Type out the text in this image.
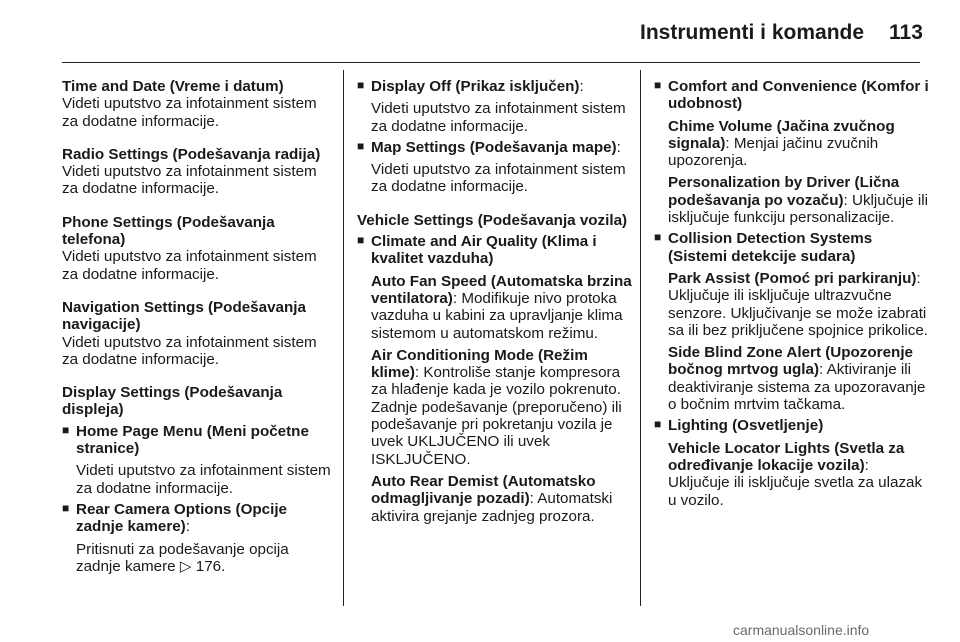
Instrumenti i komande 113
Time and Date (Vreme i datum)
Videti uputstvo za infotainment sistem za dodatne informacije.
Radio Settings (Podešavanja radija)
Videti uputstvo za infotainment sistem za dodatne informacije.
Phone Settings (Podešavanja telefona)
Videti uputstvo za infotainment sistem za dodatne informacije.
Navigation Settings (Podešavanja navigacije)
Videti uputstvo za infotainment sistem za dodatne informacije.
Display Settings (Podešavanja displeja)
■ Home Page Menu (Meni početne stranice)
Videti uputstvo za infotainment sistem za dodatne informacije.
■ Rear Camera Options (Opcije zadnje kamere):
Pritisnuti za podešavanje opcija zadnje kamere ▷ 176.
■ Display Off (Prikaz isključen):
Videti uputstvo za infotainment sistem za dodatne informacije.
■ Map Settings (Podešavanja mape):
Videti uputstvo za infotainment sistem za dodatne informacije.
Vehicle Settings (Podešavanja vozila)
■ Climate and Air Quality (Klima i kvalitet vazduha)
Auto Fan Speed (Automatska brzina ventilatora): Modifikuje nivo protoka vazduha u kabini za upravljanje klima sistemom u automatskom režimu.
Air Conditioning Mode (Režim klime): Kontroliše stanje kompresora za hlađenje kada je vozilo pokrenuto. Zadnje podešavanje (preporučeno) ili podešavanje pri pokretanju vozila je uvek UKLJUČENO ili uvek ISKLJUČENO.
Auto Rear Demist (Automatsko odmagljivanje pozadi): Automatski aktivira grejanje zadnjeg prozora.
■ Comfort and Convenience (Komfor i udobnost)
Chime Volume (Jačina zvučnog signala): Menjai jačinu zvučnih upozorenja.
Personalization by Driver (Lična podešavanja po vozaču): Uključuje ili isključuje funkciju personalizacije.
■ Collision Detection Systems (Sistemi detekcije sudara)
Park Assist (Pomoć pri parkiranju): Uključuje ili isključuje ultrazvučne senzore. Uključivanje se može izabrati sa ili bez priključene spojnice prikolice.
Side Blind Zone Alert (Upozorenje bočnog mrtvog ugla): Aktiviranje ili deaktiviranje sistema za upozoravanje o bočnim mrtvim tačkama.
■ Lighting (Osvetljenje)
Vehicle Locator Lights (Svetla za određivanje lokacije vozila): Uključuje ili isključuje svetla za ulazak u vozilo.
carmanualsonline.info
